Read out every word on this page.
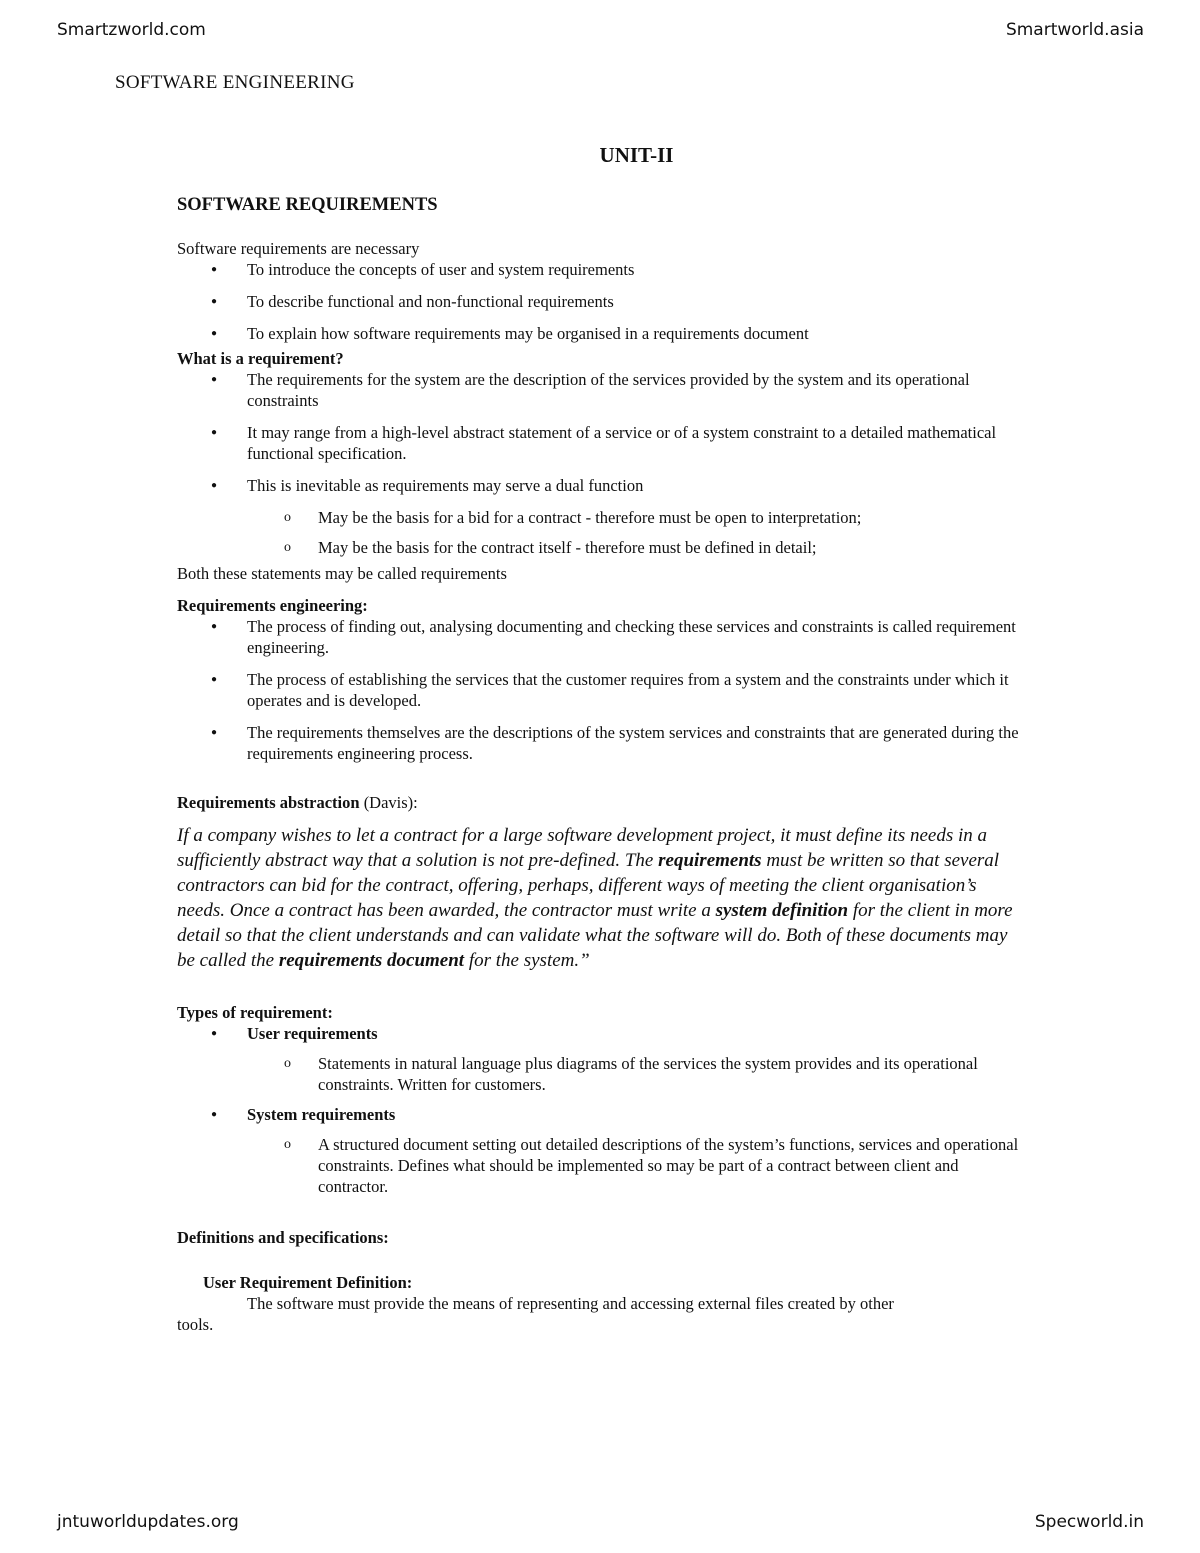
Smartzworld.com	Smartworld.asia
SOFTWARE ENGINEERING
UNIT-II
SOFTWARE REQUIREMENTS

Software requirements are necessary

● To introduce the concepts of user and system requirements
● To describe functional and non-functional requirements
● To explain how software requirements may be organised in a requirements document

What is a requirement?

● The requirements for the system are the description of the services provided by the system and its operational constraints
● It may range from a high-level abstract statement of a service or of a system constraint to a detailed mathematical functional specification.
● This is inevitable as requirements may serve a dual function
o May be the basis for a bid for a contract - therefore must be open to interpretation;
o May be the basis for the contract itself - therefore must be defined in detail;

Both these statements may be called requirements

Requirements engineering:

● The process of finding out, analysing documenting and checking these services and constraints is called requirement engineering.
● The process of establishing the services that the customer requires from a system and the constraints under which it operates and is developed.
● The requirements themselves are the descriptions of the system services and constraints that are generated during the requirements engineering process.

Requirements abstraction (Davis):

If a company wishes to let a contract for a large software development project, it must define its needs in a sufficiently abstract way that a solution is not pre-defined. The requirements must be written so that several contractors can bid for the contract, offering, perhaps, different ways of meeting the client organisation’s needs. Once a contract has been awarded, the contractor must write a system definition for the client in more detail so that the client understands and can validate what the software will do. Both of these documents may be called the requirements document for the system.”

Types of requirement:

● User requirements
o Statements in natural language plus diagrams of the services the system provides and its operational constraints. Written for customers.
● System requirements
o A structured document setting out detailed descriptions of the system’s functions, services and operational constraints. Defines what should be implemented so may be part of a contract between client and contractor.

Definitions and specifications:

User Requirement Definition:

The software must provide the means of representing and accessing external files created by other

tools.

jntuworldupdates.org	Specworld.in
